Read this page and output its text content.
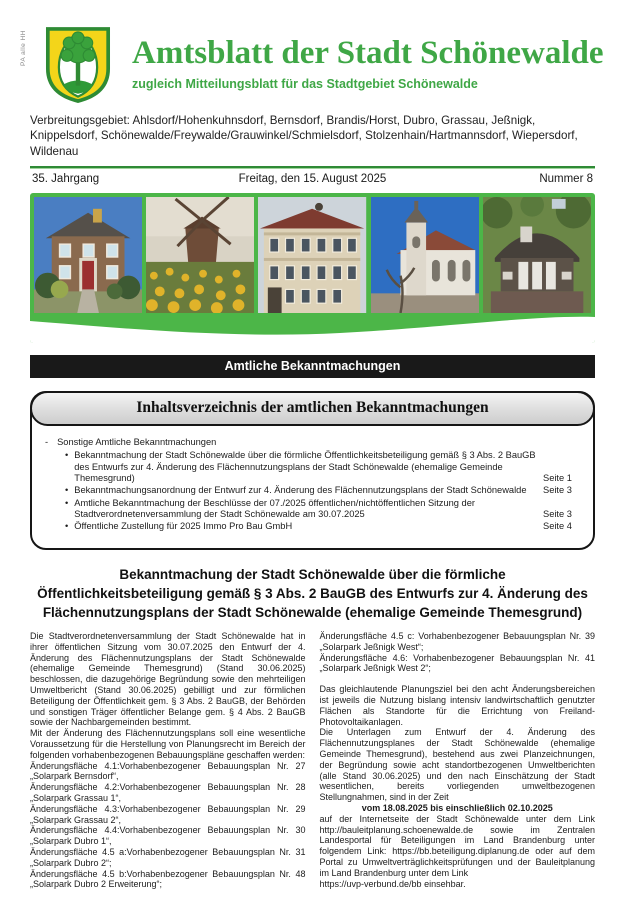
PA alle HH	Amtsblatt der Stadt Schönewalde
zugleich Mitteilungsblatt für das Stadtgebiet Schönewalde
Verbreitungsgebiet: Ahlsdorf/Hohenkuhnsdorf, Bernsdorf, Brandis/Horst, Dubro, Grassau, Jeßnigk, Knippelsdorf, Schönewalde/Freywalde/Grauwinkel/Schmielsdorf, Stolzenhain/Hartmannsdorf, Wiepersdorf, Wildenau
35. Jahrgang	Freitag, den 15. August 2025	Nummer 8
Amtliche Bekanntmachungen
Inhaltsverzeichnis der amtlichen Bekanntmachungen
- Sonstige Amtliche Bekanntmachungen
• Bekanntmachung der Stadt Schönewalde über die förmliche Öffentlichkeitsbeteiligung gemäß § 3 Abs. 2 BauGB des Entwurfs zur 4. Änderung des Flächennutzungsplans der Stadt Schönewalde (ehemalige Gemeinde Themesgrund)	Seite 1
• Bekanntmachungsanordnung der Entwurf zur 4. Änderung des Flächennutzungsplans der Stadt Schönewalde	Seite 3
• Amtliche Bekanntmachung der Beschlüsse der 07./2025 öffentlichen/nichtöffentlichen Sitzung der Stadtverordnetenversammlung der Stadt Schönewalde am 30.07.2025	Seite 3
• Öffentliche Zustellung für 2025 Immo Pro Bau GmbH	Seite 4
Bekanntmachung der Stadt Schönewalde über die förmliche Öffentlichkeitsbeteiligung gemäß § 3 Abs. 2 BauGB des Entwurfs zur 4. Änderung des Flächennutzungsplans der Stadt Schönewalde (ehemalige Gemeinde Themesgrund)

Die Stadtverordnetenversammlung der Stadt Schönewalde hat in ihrer öffentlichen Sitzung vom 30.07.2025 den Entwurf der 4. Änderung des Flächennutzungsplans der Stadt Schönewalde (ehemalige Gemeinde Themesgrund) (Stand 30.06.2025) beschlossen, die dazugehörige Begründung sowie den mehrteiligen Umweltbericht (Stand 30.06.2025) gebilligt und zur förmlichen Beteiligung der Öffentlichkeit gem. § 3 Abs. 2 BauGB, der Behörden und sonstigen Träger öffentlicher Belange gem. § 4 Abs. 2 BauGB sowie der Nachbargemeinden bestimmt.

Mit der Änderung des Flächennutzungsplans soll eine wesentliche Voraussetzung für die Herstellung von Planungsrecht im Bereich der folgenden vorhabenbezogenen Bebauungspläne geschaffen werden:

Änderungsfläche 4.1:Vorhabenbezogener Bebauungsplan Nr. 27 „Solarpark Bernsdorf“,

Änderungsfläche 4.2:Vorhabenbezogener Bebauungsplan Nr. 28 „Solarpark Grassau 1“,

Änderungsfläche 4.3:Vorhabenbezogener Bebauungsplan Nr. 29 „Solarpark Grassau 2“,

Änderungsfläche 4.4:Vorhabenbezogener Bebauungsplan Nr. 30 „Solarpark Dubro 1“,

Änderungsfläche 4.5 a:Vorhabenbezogener Bebauungsplan Nr. 31 „Solarpark Dubro 2“;

Änderungsfläche 4.5 b:Vorhabenbezogener Bebauungsplan Nr. 48 „Solarpark Dubro 2 Erweiterung“;

Änderungsfläche 4.5 c: Vorhabenbezogener Bebauungsplan Nr. 39 „Solarpark Jeßnigk West“;

Änderungsfläche 4.6: Vorhabenbezogener Bebauungsplan Nr. 41 „Solarpark Jeßnigk West 2“;

Das gleichlautende Planungsziel bei den acht Änderungsbereichen ist jeweils die Nutzung bislang intensiv landwirtschaftlich genutzter Flächen als Standorte für die Errichtung von Freiland-Photovoltaikanlagen.

Die Unterlagen zum Entwurf der 4. Änderung des Flächennutzungsplanes der Stadt Schönewalde (ehemalige Gemeinde Themesgrund), bestehend aus zwei Planzeichnungen, der Begründung sowie acht standortbezogenen Umweltberichten (alle Stand 30.06.2025) und den nach Einschätzung der Stadt wesentlichen, bereits vorliegenden umweltbezogenen Stellungnahmen, sind in der Zeit

vom 18.08.2025 bis einschließlich 02.10.2025

auf der Internetseite der Stadt Schönewalde unter dem Link http://bauleitplanung.schoenewalde.de sowie im Zentralen Landesportal für Beteiligungen im Land Brandenburg unter folgendem Link: https://bb.beteiligung.diplanung.de oder auf dem Portal zu Umweltverträglichkeitsprüfungen und der Bauleitplanung im Land Brandenburg unter dem Link

https://uvp-verbund.de/bb einsehbar.
